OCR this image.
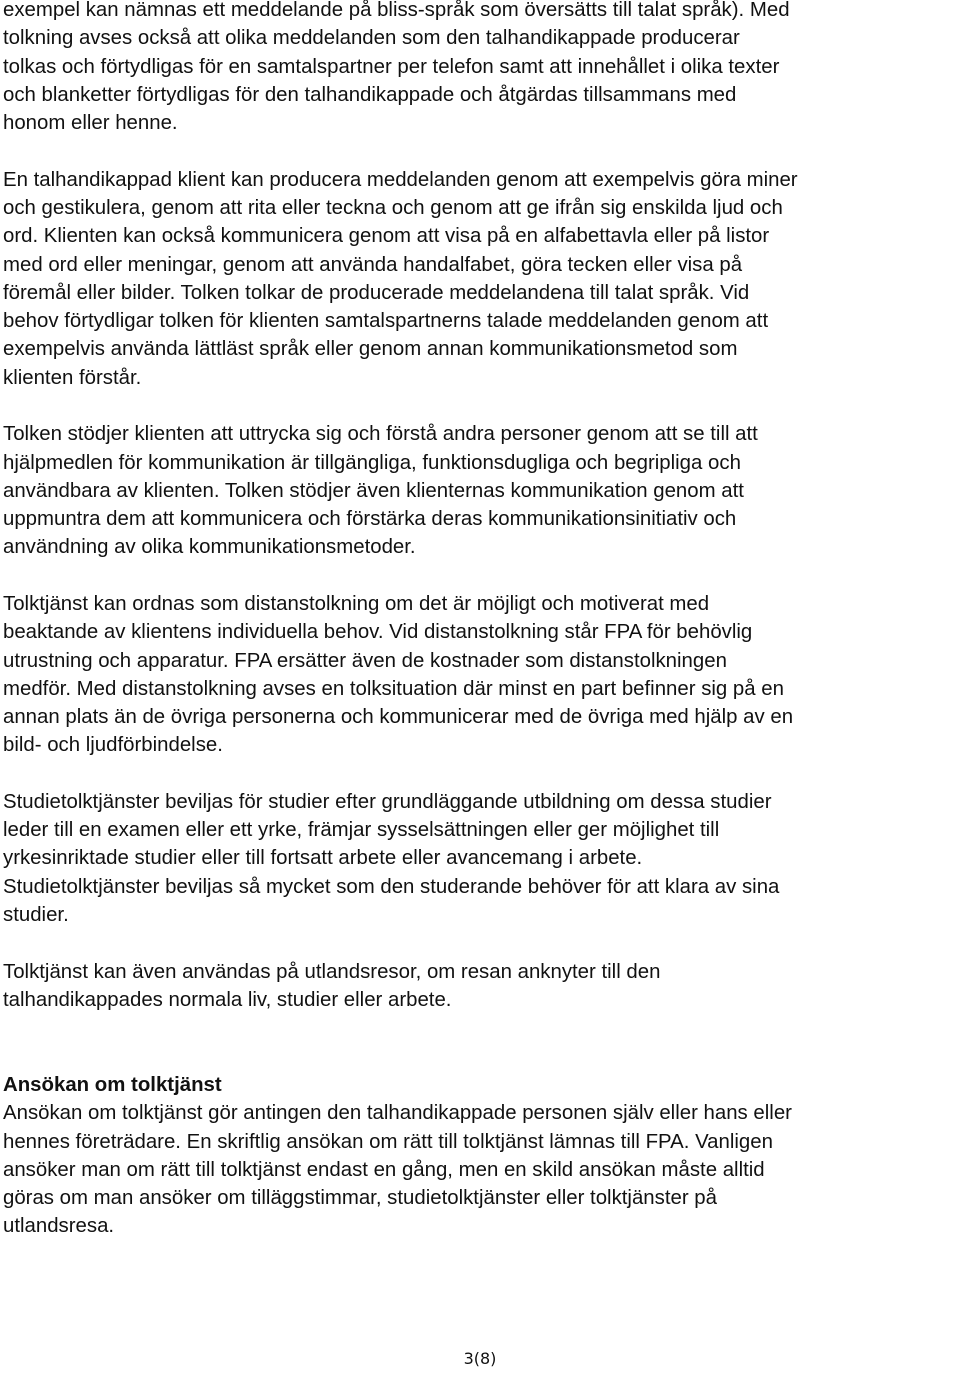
exempel kan nämnas ett meddelande på bliss-språk som översätts till talat språk). Med
tolkning avses också att olika meddelanden som den talhandikappade producerar
tolkas och förtydligas för en samtalspartner per telefon samt att innehållet i olika texter
och blanketter förtydligas för den talhandikappade och åtgärdas tillsammans med
honom eller henne.

En talhandikappad klient kan producera meddelanden genom att exempelvis göra miner
och gestikulera, genom att rita eller teckna och genom att ge ifrån sig enskilda ljud och
ord. Klienten kan också kommunicera genom att visa på en alfabettavla eller på listor
med ord eller meningar, genom att använda handalfabet, göra tecken eller visa på
föremål eller bilder. Tolken tolkar de producerade meddelandena till talat språk. Vid
behov förtydligar tolken för klienten samtalspartnerns talade meddelanden genom att
exempelvis använda lättläst språk eller genom annan kommunikationsmetod som
klienten förstår.

Tolken stödjer klienten att uttrycka sig och förstå andra personer genom att se till att
hjälpmedlen för kommunikation är tillgängliga, funktionsdugliga och begripliga och
användbara av klienten. Tolken stödjer även klienternas kommunikation genom att
uppmuntra dem att kommunicera och förstärka deras kommunikationsinitiativ och
användning av olika kommunikationsmetoder.

Tolktjänst kan ordnas som distanstolkning om det är möjligt och motiverat med
beaktande av klientens individuella behov. Vid distanstolkning står FPA för behövlig
utrustning och apparatur. FPA ersätter även de kostnader som distanstolkningen
medför. Med distanstolkning avses en tolksituation där minst en part befinner sig på en
annan plats än de övriga personerna och kommunicerar med de övriga med hjälp av en
bild- och ljudförbindelse.

Studietolktjänster beviljas för studier efter grundläggande utbildning om dessa studier
leder till en examen eller ett yrke, främjar sysselsättningen eller ger möjlighet till
yrkesinriktade studier eller till fortsatt arbete eller avancemang i arbete.
Studietolktjänster beviljas så mycket som den studerande behöver för att klara av sina
studier.

Tolktjänst kan även användas på utlandsresor, om resan anknyter till den
talhandikappades normala liv, studier eller arbete.

Ansökan om tolktjänst

Ansökan om tolktjänst gör antingen den talhandikappade personen själv eller hans eller
hennes företrädare. En skriftlig ansökan om rätt till tolktjänst lämnas till FPA. Vanligen
ansöker man om rätt till tolktjänst endast en gång, men en skild ansökan måste alltid
göras om man ansöker om tilläggstimmar, studietolktjänster eller tolktjänster på
utlandsresa.

3(8)
